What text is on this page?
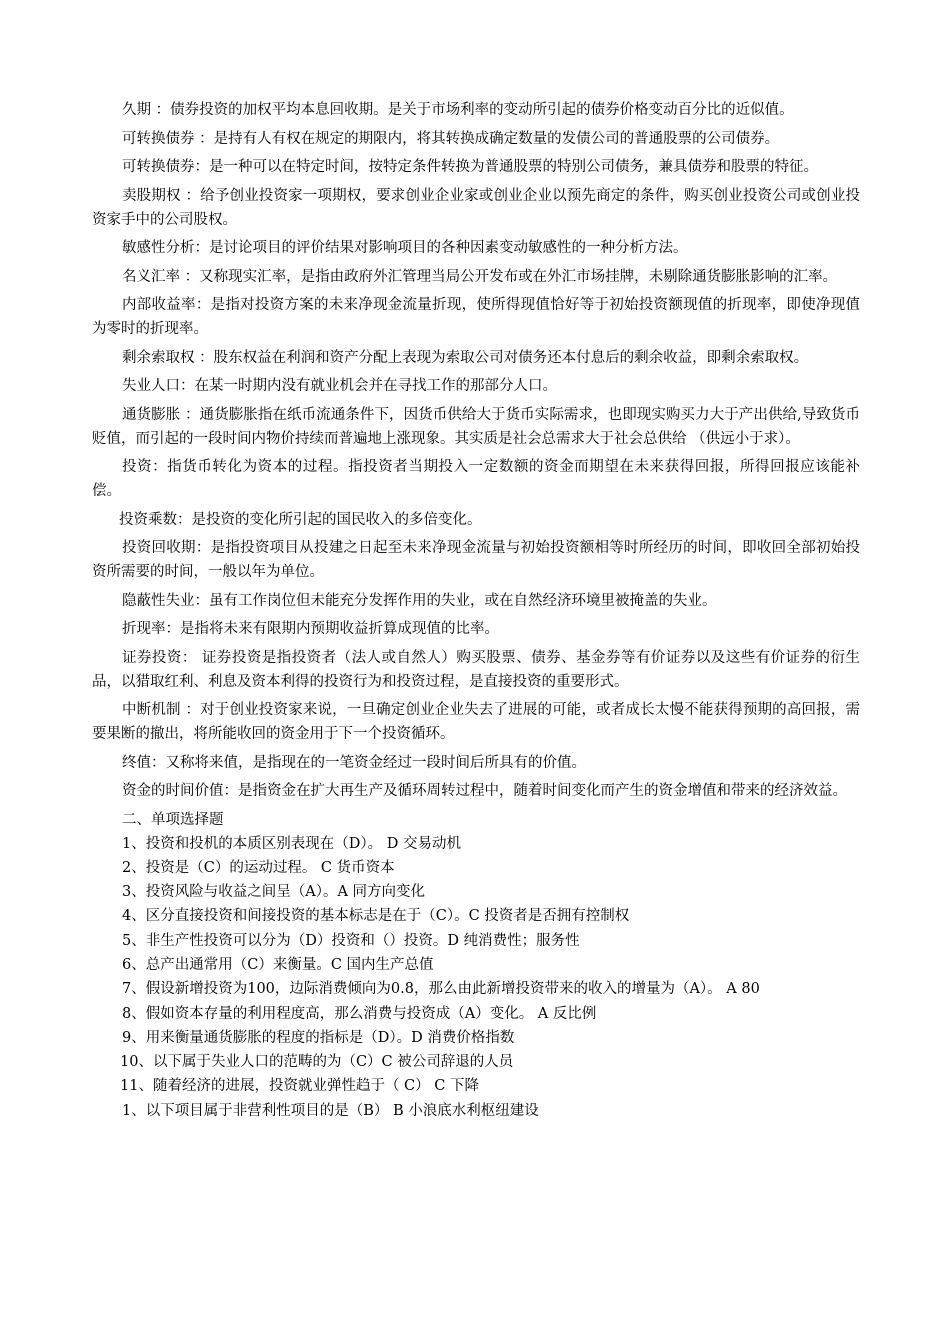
久期 ：债券投资的加权平均本息回收期。是关于市场利率的变动所引起的债券价格变动百分比的近似值。

可转换债券 ：是持有人有权在规定的期限内，将其转换成确定数量的发债公司的普通股票的公司债券。

可转换债券：是一种可以在特定时间，按特定条件转换为普通股票的特别公司债务，兼具债券和股票的特征。

卖股期权 ：给予创业投资家一项期权，要求创业企业家或创业企业以预先商定的条件，购买创业投资公司或创业投资家手中的公司股权。

敏感性分析：是讨论项目的评价结果对影响项目的各种因素变动敏感性的一种分析方法。

名义汇率 ：又称现实汇率，是指由政府外汇管理当局公开发布或在外汇市场挂牌，未剔除通货膨胀影响的汇率。

内部收益率：是指对投资方案的未来净现金流量折现，使所得现值恰好等于初始投资额现值的折现率，即使净现值为零时的折现率。

剩余索取权 ：股东权益在利润和资产分配上表现为索取公司对债务还本付息后的剩余收益，即剩余索取权。

失业人口：在某一时期内没有就业机会并在寻找工作的那部分人口。

通货膨胀 ：通货膨胀指在纸币流通条件下，因货币供给大于货币实际需求，也即现实购买力大于产出供给,导致货币贬值，而引起的一段时间内物价持续而普遍地上涨现象。其实质是社会总需求大于社会总供给 （供远小于求）。

投资：指货币转化为资本的过程。指投资者当期投入一定数额的资金而期望在未来获得回报，所得回报应该能补偿。

投资乘数：是投资的变化所引起的国民收入的多倍变化。

投资回收期：是指投资项目从投建之日起至未来净现金流量与初始投资额相等时所经历的时间，即收回全部初始投资所需要的时间，一般以年为单位。

隐蔽性失业：虽有工作岗位但未能充分发挥作用的失业，或在自然经济环境里被掩盖的失业。

折现率：是指将未来有限期内预期收益折算成现值的比率。

证券投资： 证券投资是指投资者（法人或自然人）购买股票、债券、基金券等有价证券以及这些有价证券的衍生品，以猎取红利、利息及资本利得的投资行为和投资过程，是直接投资的重要形式。

中断机制 ：对于创业投资家来说，一旦确定创业企业失去了进展的可能，或者成长太慢不能获得预期的高回报，需要果断的撤出，将所能收回的资金用于下一个投资循环。

终值：又称将来值，是指现在的一笔资金经过一段时间后所具有的价值。

资金的时间价值：是指资金在扩大再生产及循环周转过程中，随着时间变化而产生的资金增值和带来的经济效益。

二、单项选择题

1、投资和投机的本质区别表现在（D）。 D 交易动机

2、投资是（C）的运动过程。 C 货币资本

3、投资风险与收益之间呈（A）。A 同方向变化

4、区分直接投资和间接投资的基本标志是在于（C）。C 投资者是否拥有控制权

5、非生产性投资可以分为（D）投资和（）投资。D 纯消费性；服务性

6、总产出通常用（C）来衡量。C 国内生产总值

7、假设新增投资为100，边际消费倾向为0.8，那么由此新增投资带来的收入的增量为（A）。 A 80

8、假如资本存量的利用程度高，那么消费与投资成（A）变化。 A 反比例

9、用来衡量通货膨胀的程度的指标是（D）。D 消费价格指数

10、以下属于失业人口的范畴的为（C）C 被公司辞退的人员

11、随着经济的进展，投资就业弹性趋于（ C） C 下降

1、以下项目属于非营利性项目的是（B） B 小浪底水利枢纽建设
